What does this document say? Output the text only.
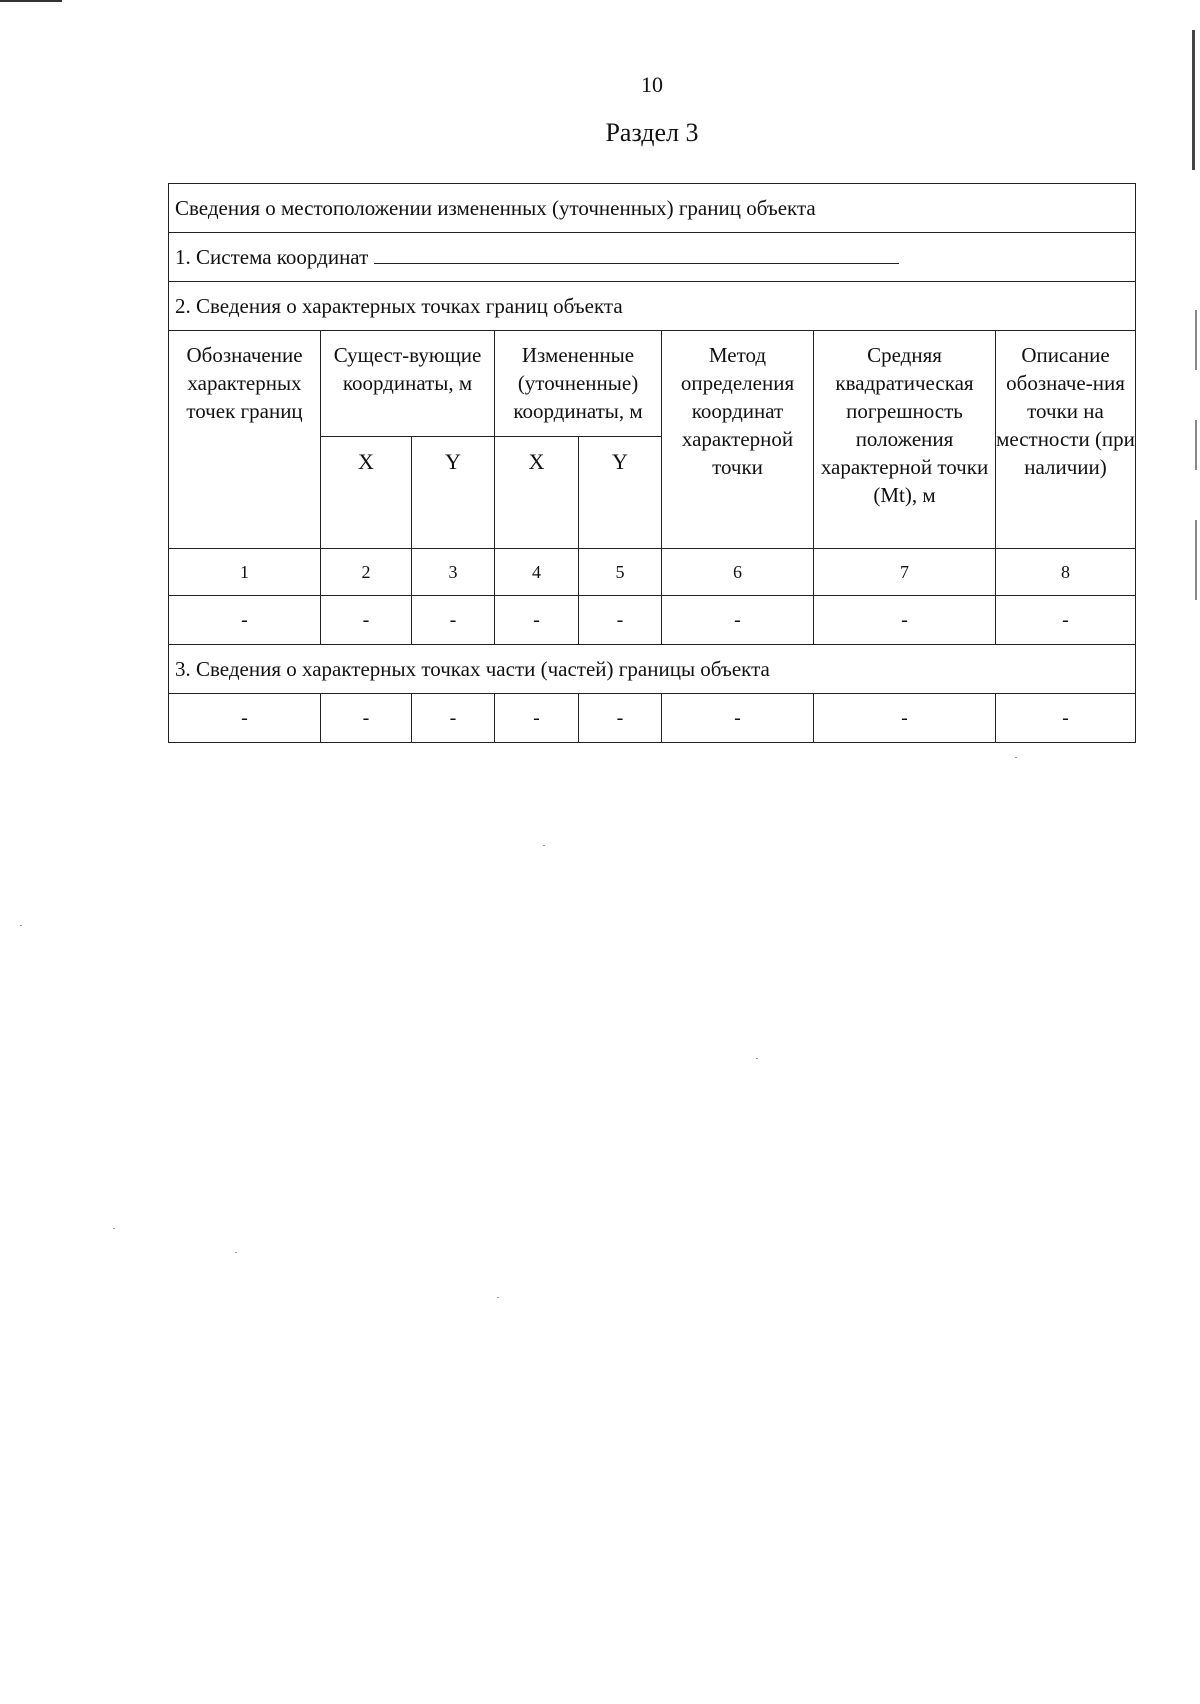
10
Раздел 3
Сведения о местоположении измененных (уточненных) границ объекта							
1. Система координат							
2. Сведения о характерных точках границ объекта							
Обозначение характерных точек границ	Сущест-вующие координаты, м		Измененные (уточненные) координаты, м		Метод определения координат характерной точки	Средняя квадратическая погрешность положения характерной точки (Mt), м	Описание обозначе-ния точки на местности (при наличии)
	X	Y	X	Y			
1	2	3	4	5	6	7	8
-	-	-	-	-	-	-	-
3. Сведения о характерных точках части (частей) границы объекта							
-	-	-	-	-	-	-	-
